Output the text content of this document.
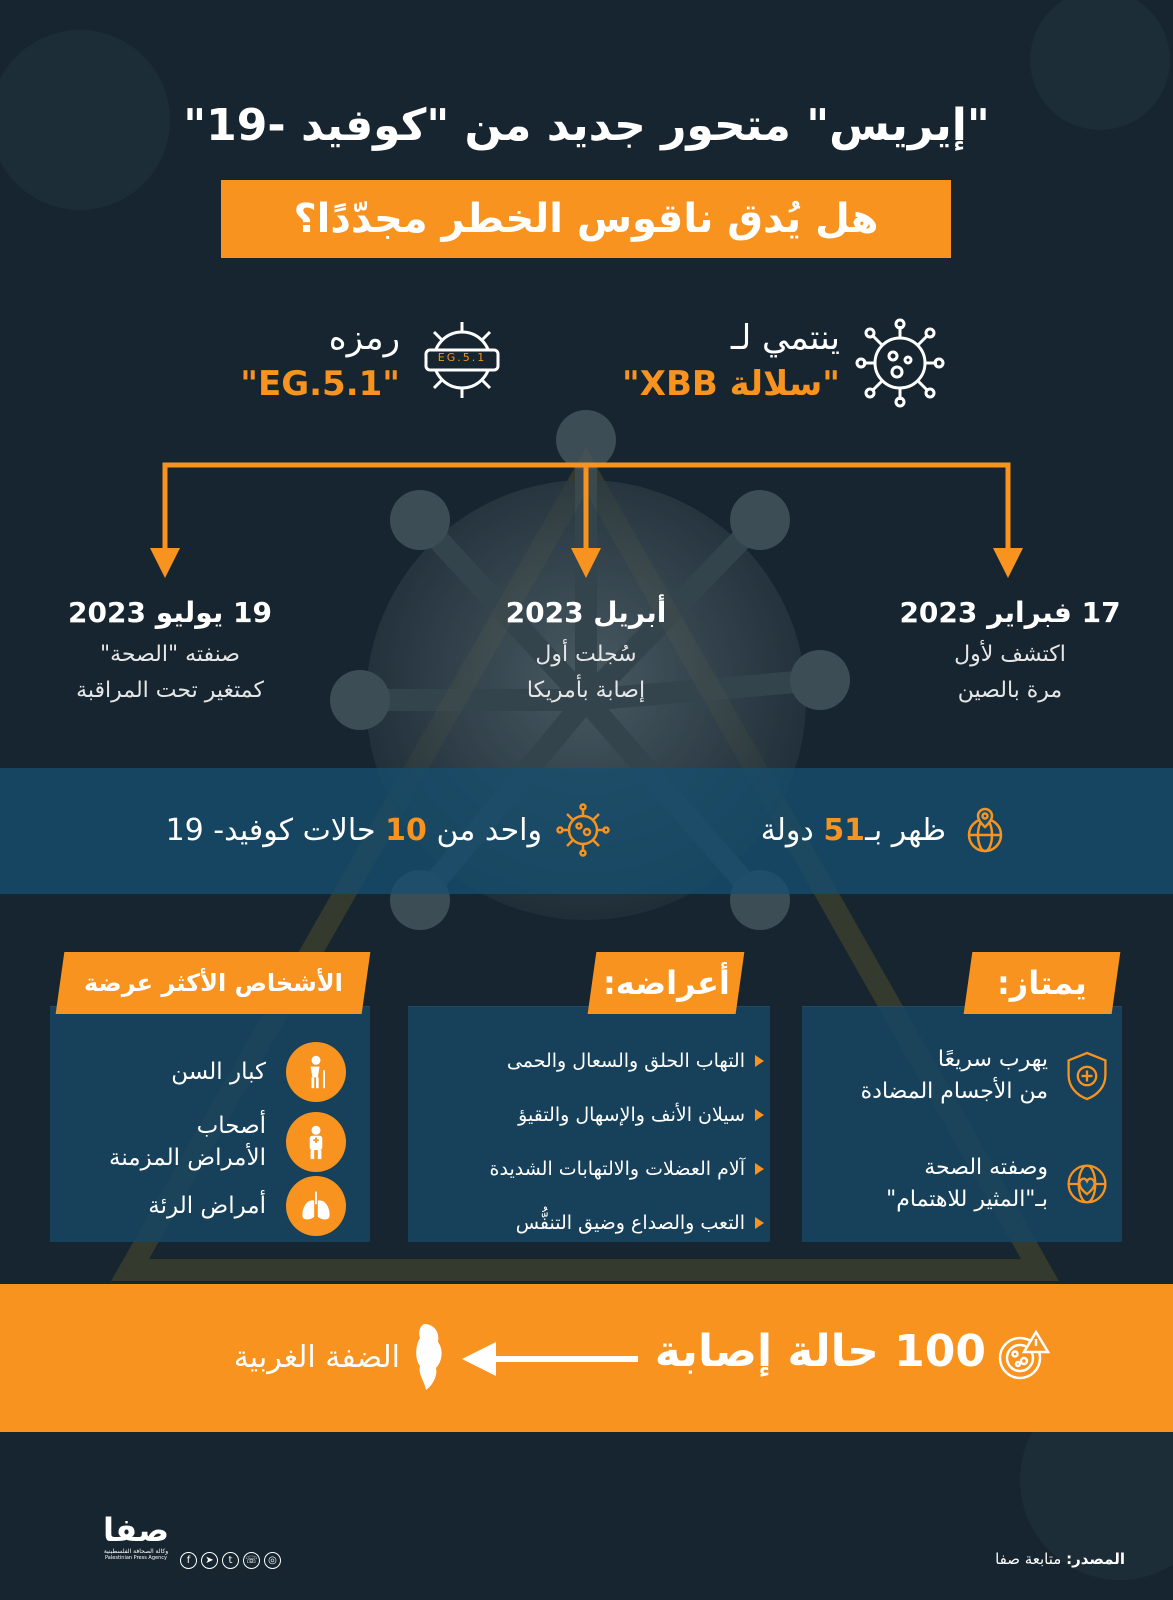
"إيريس" متحور جديد من "كوفيد -19"
هل يُدق ناقوس الخطر مجدّدًا؟
ينتمي لـ
"سلالة XBB"
EG.5.1
رمزه
"EG.5.1"
17 فبراير 2023
اكتشف لأول
مرة بالصين
أبريل 2023
سُجلت أول
إصابة بأمريكا
19 يوليو 2023
صنفته "الصحة"
كمتغير تحت المراقبة
ظهر بـ51 دولة
واحد من 10 حالات كوفيد- 19
يمتاز:
يهرب سريعًا
من الأجسام المضادة
وصفته الصحة
بـ"المثير للاهتمام"
أعراضه:
التهاب الحلق والسعال والحمى
سيلان الأنف والإسهال والتقيؤ
آلام العضلات والالتهابات الشديدة
التعب والصداع وضيق التنفُّس
الأشخاص الأكثر عرضة
كبار السن
أصحاب
الأمراض المزمنة
أمراض الرئة
100 حالة إصابة
الضفة الغربية
المصدر: متابعة صفا
صفا
وكالة الصحافة الفلسطينية
Palestinian Press Agency	f	➤	t	☏	◎
